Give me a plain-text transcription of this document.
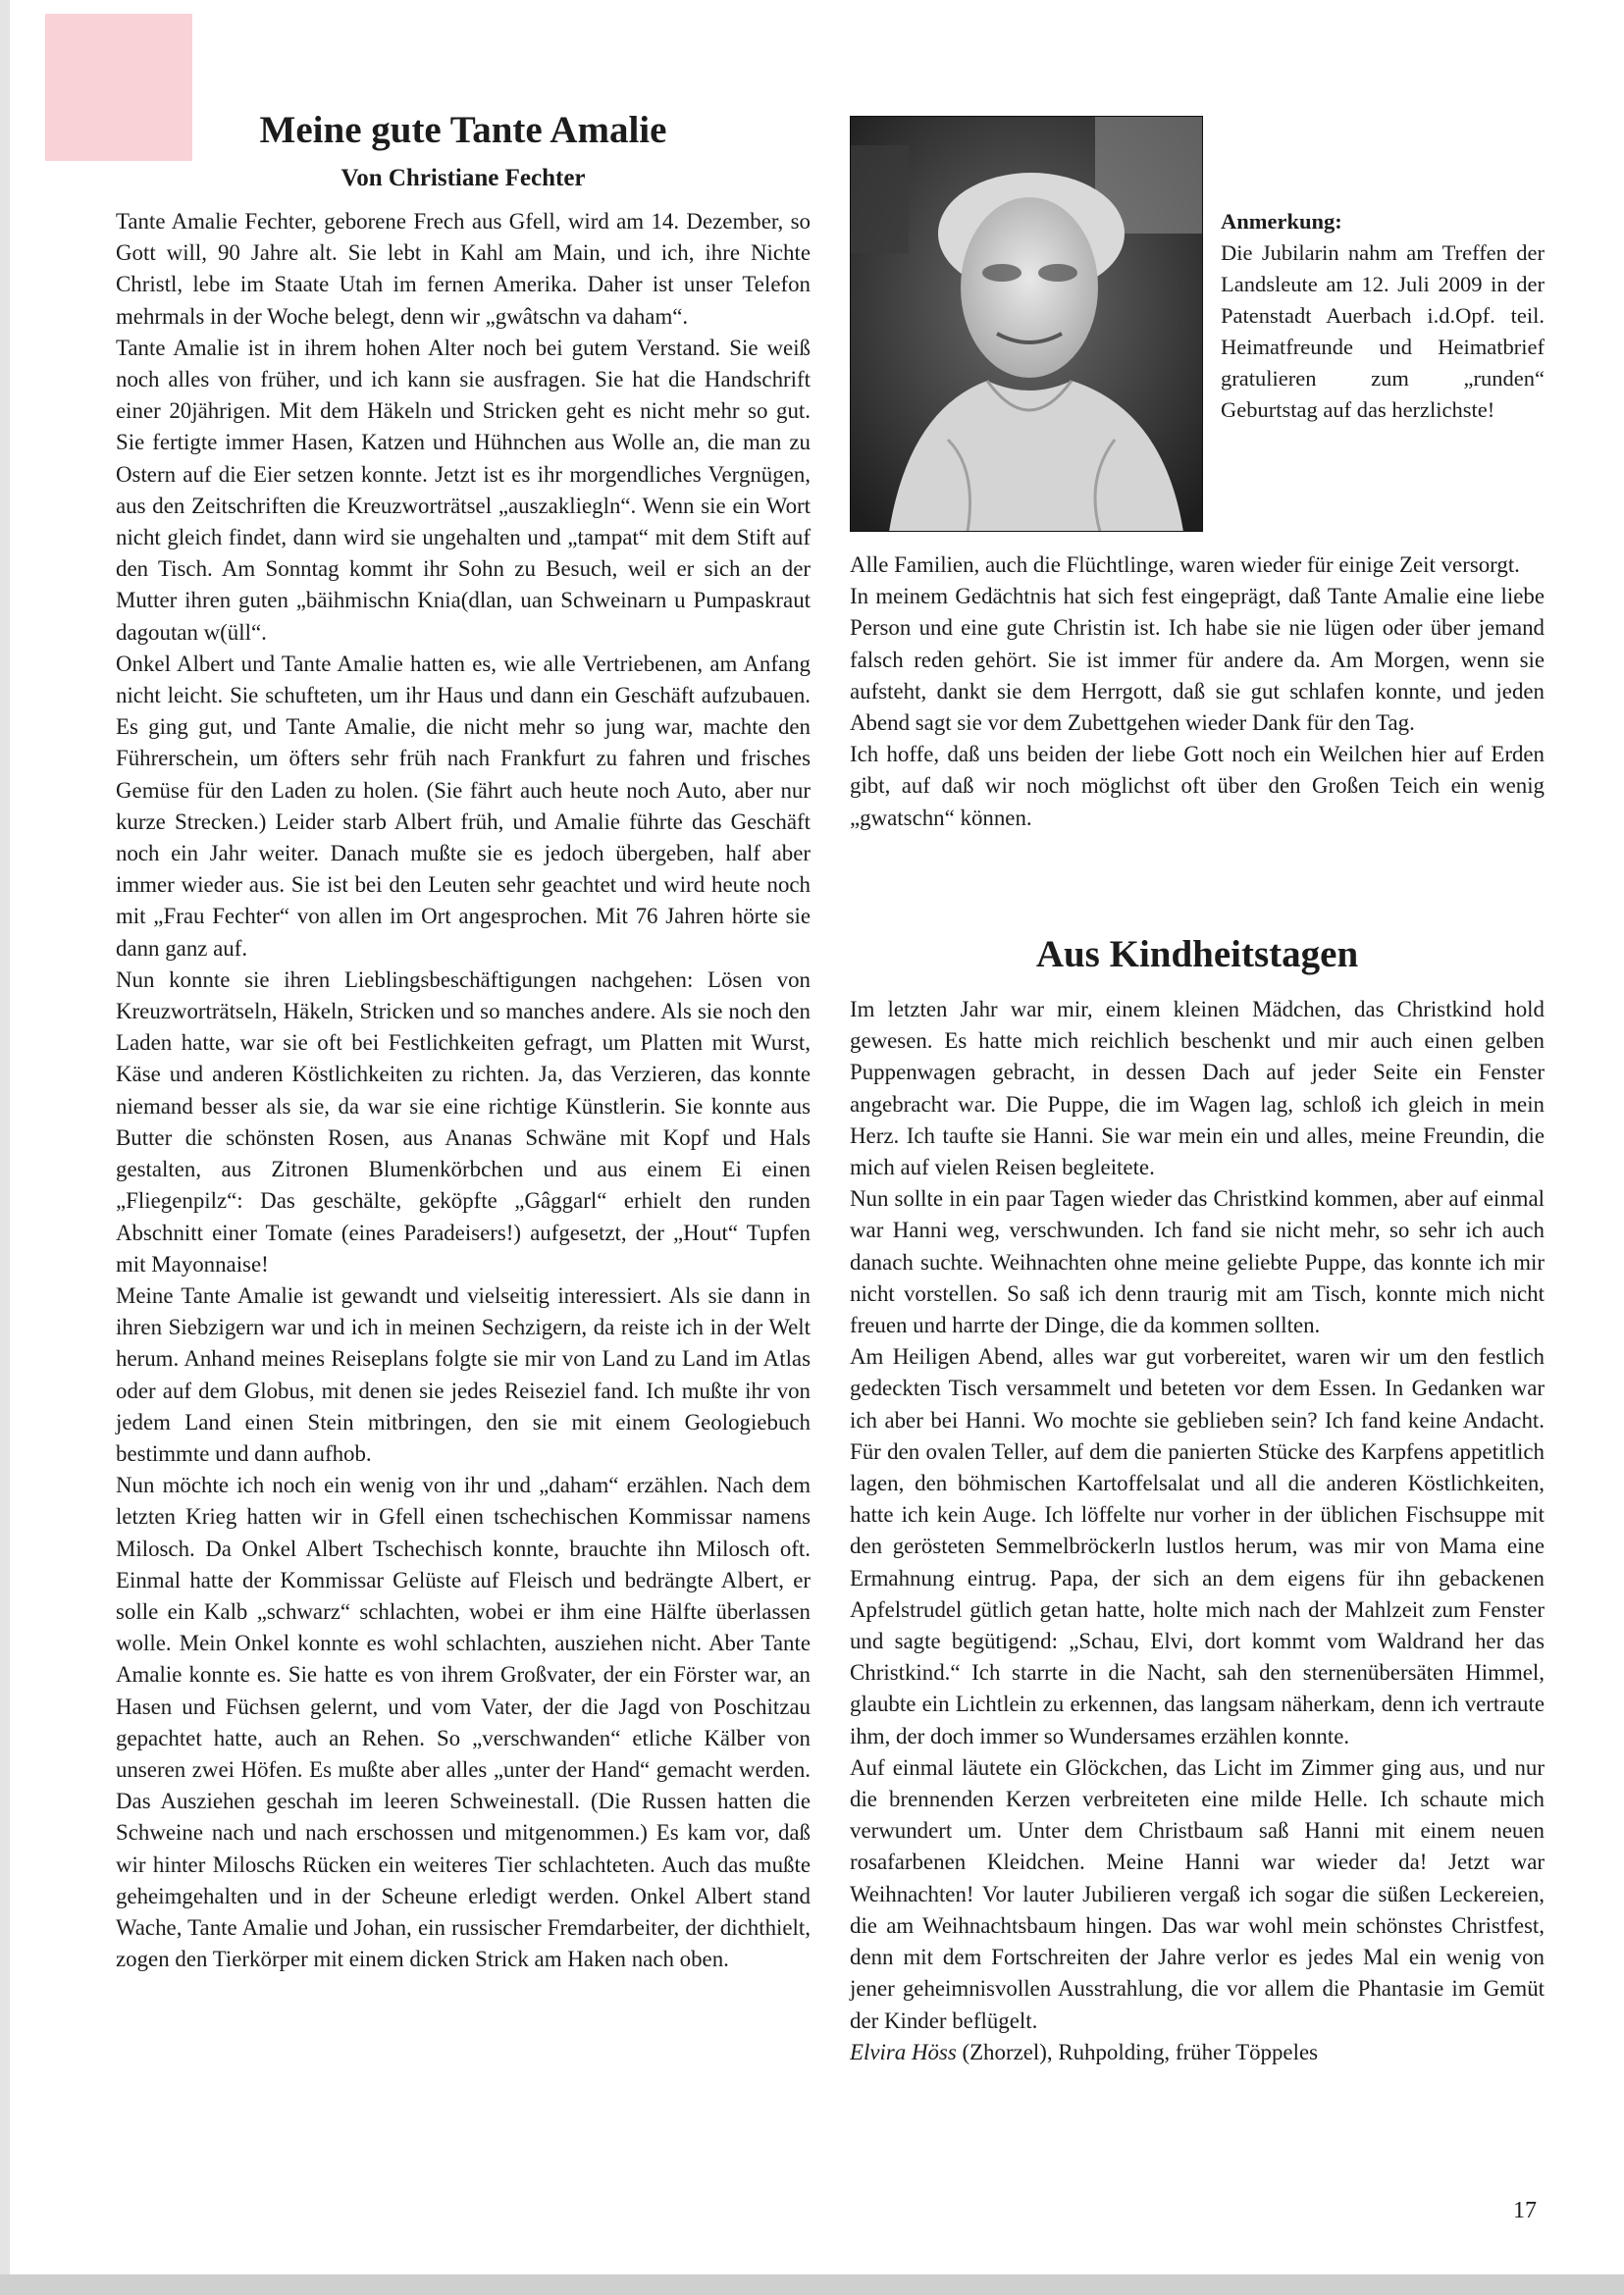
Meine gute Tante Amalie
Von Christiane Fechter

Tante Amalie Fechter, geborene Frech aus Gfell, wird am 14. Dezember, so Gott will, 90 Jahre alt. Sie lebt in Kahl am Main, und ich, ihre Nichte Christl, lebe im Staate Utah im fernen Amerika. Daher ist unser Telefon mehrmals in der Woche belegt, denn wir „gwâtschn va daham“.

Tante Amalie ist in ihrem hohen Alter noch bei gutem Verstand. Sie weiß noch alles von früher, und ich kann sie ausfragen. Sie hat die Handschrift einer 20jährigen. Mit dem Häkeln und Stricken geht es nicht mehr so gut. Sie fertigte immer Hasen, Katzen und Hühnchen aus Wolle an, die man zu Ostern auf die Eier setzen konnte. Jetzt ist es ihr morgendliches Vergnügen, aus den Zeitschriften die Kreuzworträtsel „auszakliegln“. Wenn sie ein Wort nicht gleich findet, dann wird sie ungehalten und „tampat“ mit dem Stift auf den Tisch. Am Sonntag kommt ihr Sohn zu Besuch, weil er sich an der Mutter ihren guten „bäihmischn Knia(dlan, uan Schweinarn u Pumpaskraut dagoutan w(üll“.

Onkel Albert und Tante Amalie hatten es, wie alle Vertriebenen, am Anfang nicht leicht. Sie schufteten, um ihr Haus und dann ein Geschäft aufzubauen. Es ging gut, und Tante Amalie, die nicht mehr so jung war, machte den Führerschein, um öfters sehr früh nach Frankfurt zu fahren und frisches Gemüse für den Laden zu holen. (Sie fährt auch heute noch Auto, aber nur kurze Strecken.) Leider starb Albert früh, und Amalie führte das Geschäft noch ein Jahr weiter. Danach mußte sie es jedoch übergeben, half aber immer wieder aus. Sie ist bei den Leuten sehr geachtet und wird heute noch mit „Frau Fechter“ von allen im Ort angesprochen. Mit 76 Jahren hörte sie dann ganz auf.

Nun konnte sie ihren Lieblingsbeschäftigungen nachgehen: Lösen von Kreuzworträtseln, Häkeln, Stricken und so manches andere. Als sie noch den Laden hatte, war sie oft bei Festlichkeiten gefragt, um Platten mit Wurst, Käse und anderen Köstlichkeiten zu richten. Ja, das Verzieren, das konnte niemand besser als sie, da war sie eine richtige Künstlerin. Sie konnte aus Butter die schönsten Rosen, aus Ananas Schwäne mit Kopf und Hals gestalten, aus Zitronen Blumenkörbchen und aus einem Ei einen „Fliegenpilz“: Das geschälte, geköpfte „Gâggarl“ erhielt den runden Abschnitt einer Tomate (eines Paradeisers!) aufgesetzt, der „Hout“ Tupfen mit Mayonnaise!

Meine Tante Amalie ist gewandt und vielseitig interessiert. Als sie dann in ihren Siebzigern war und ich in meinen Sechzigern, da reiste ich in der Welt herum. Anhand meines Reiseplans folgte sie mir von Land zu Land im Atlas oder auf dem Globus, mit denen sie jedes Reiseziel fand. Ich mußte ihr von jedem Land einen Stein mitbringen, den sie mit einem Geologiebuch bestimmte und dann aufhob.

Nun möchte ich noch ein wenig von ihr und „daham“ erzählen. Nach dem letzten Krieg hatten wir in Gfell einen tschechischen Kommissar namens Milosch. Da Onkel Albert Tschechisch konnte, brauchte ihn Milosch oft. Einmal hatte der Kommissar Gelüste auf Fleisch und bedrängte Albert, er solle ein Kalb „schwarz“ schlachten, wobei er ihm eine Hälfte überlassen wolle. Mein Onkel konnte es wohl schlachten, ausziehen nicht. Aber Tante Amalie konnte es. Sie hatte es von ihrem Großvater, der ein Förster war, an Hasen und Füchsen gelernt, und vom Vater, der die Jagd von Poschitzau gepachtet hatte, auch an Rehen. So „verschwanden“ etliche Kälber von unseren zwei Höfen. Es mußte aber alles „unter der Hand“ gemacht werden. Das Ausziehen geschah im leeren Schweinestall. (Die Russen hatten die Schweine nach und nach erschossen und mitgenommen.) Es kam vor, daß wir hinter Miloschs Rücken ein weiteres Tier schlachteten. Auch das mußte geheimgehalten und in der Scheune erledigt werden. Onkel Albert stand Wache, Tante Amalie und Johan, ein russischer Fremdarbeiter, der dichthielt, zogen den Tierkörper mit einem dicken Strick am Haken nach oben.

Anmerkung:
Die Jubilarin nahm am Treffen der Landsleute am 12. Juli 2009 in der Patenstadt Auerbach i.d.Opf. teil. Heimatfreunde und Heimatbrief gratulieren zum „runden“ Geburtstag auf das herzlichste!

Alle Familien, auch die Flüchtlinge, waren wieder für einige Zeit versorgt.

In meinem Gedächtnis hat sich fest eingeprägt, daß Tante Amalie eine liebe Person und eine gute Christin ist. Ich habe sie nie lügen oder über jemand falsch reden gehört. Sie ist immer für andere da. Am Morgen, wenn sie aufsteht, dankt sie dem Herrgott, daß sie gut schlafen konnte, und jeden Abend sagt sie vor dem Zubettgehen wieder Dank für den Tag.

Ich hoffe, daß uns beiden der liebe Gott noch ein Weilchen hier auf Erden gibt, auf daß wir noch möglichst oft über den Großen Teich ein wenig „gwatschn“ können.

Aus Kindheitstagen

Im letzten Jahr war mir, einem kleinen Mädchen, das Christkind hold gewesen. Es hatte mich reichlich beschenkt und mir auch einen gelben Puppenwagen gebracht, in dessen Dach auf jeder Seite ein Fenster angebracht war. Die Puppe, die im Wagen lag, schloß ich gleich in mein Herz. Ich taufte sie Hanni. Sie war mein ein und alles, meine Freundin, die mich auf vielen Reisen begleitete.

Nun sollte in ein paar Tagen wieder das Christkind kommen, aber auf einmal war Hanni weg, verschwunden. Ich fand sie nicht mehr, so sehr ich auch danach suchte. Weihnachten ohne meine geliebte Puppe, das konnte ich mir nicht vorstellen. So saß ich denn traurig mit am Tisch, konnte mich nicht freuen und harrte der Dinge, die da kommen sollten.

Am Heiligen Abend, alles war gut vorbereitet, waren wir um den festlich gedeckten Tisch versammelt und beteten vor dem Essen. In Gedanken war ich aber bei Hanni. Wo mochte sie geblieben sein? Ich fand keine Andacht. Für den ovalen Teller, auf dem die panierten Stücke des Karpfens appetitlich lagen, den böhmischen Kartoffelsalat und all die anderen Köstlichkeiten, hatte ich kein Auge. Ich löffelte nur vorher in der üblichen Fischsuppe mit den gerösteten Semmelbröckerln lustlos herum, was mir von Mama eine Ermahnung eintrug. Papa, der sich an dem eigens für ihn gebackenen Apfelstrudel gütlich getan hatte, holte mich nach der Mahlzeit zum Fenster und sagte begütigend: „Schau, Elvi, dort kommt vom Waldrand her das Christkind.“ Ich starrte in die Nacht, sah den sternenübersäten Himmel, glaubte ein Lichtlein zu erkennen, das langsam näherkam, denn ich vertraute ihm, der doch immer so Wundersames erzählen konnte.

Auf einmal läutete ein Glöckchen, das Licht im Zimmer ging aus, und nur die brennenden Kerzen verbreiteten eine milde Helle. Ich schaute mich verwundert um. Unter dem Christbaum saß Hanni mit einem neuen rosafarbenen Kleidchen. Meine Hanni war wieder da! Jetzt war Weihnachten! Vor lauter Jubilieren vergaß ich sogar die süßen Leckereien, die am Weihnachtsbaum hingen. Das war wohl mein schönstes Christfest, denn mit dem Fortschreiten der Jahre verlor es jedes Mal ein wenig von jener geheimnisvollen Ausstrahlung, die vor allem die Phantasie im Gemüt der Kinder beflügelt.

Elvira Höss (Zhorzel), Ruhpolding, früher Töppeles

17
